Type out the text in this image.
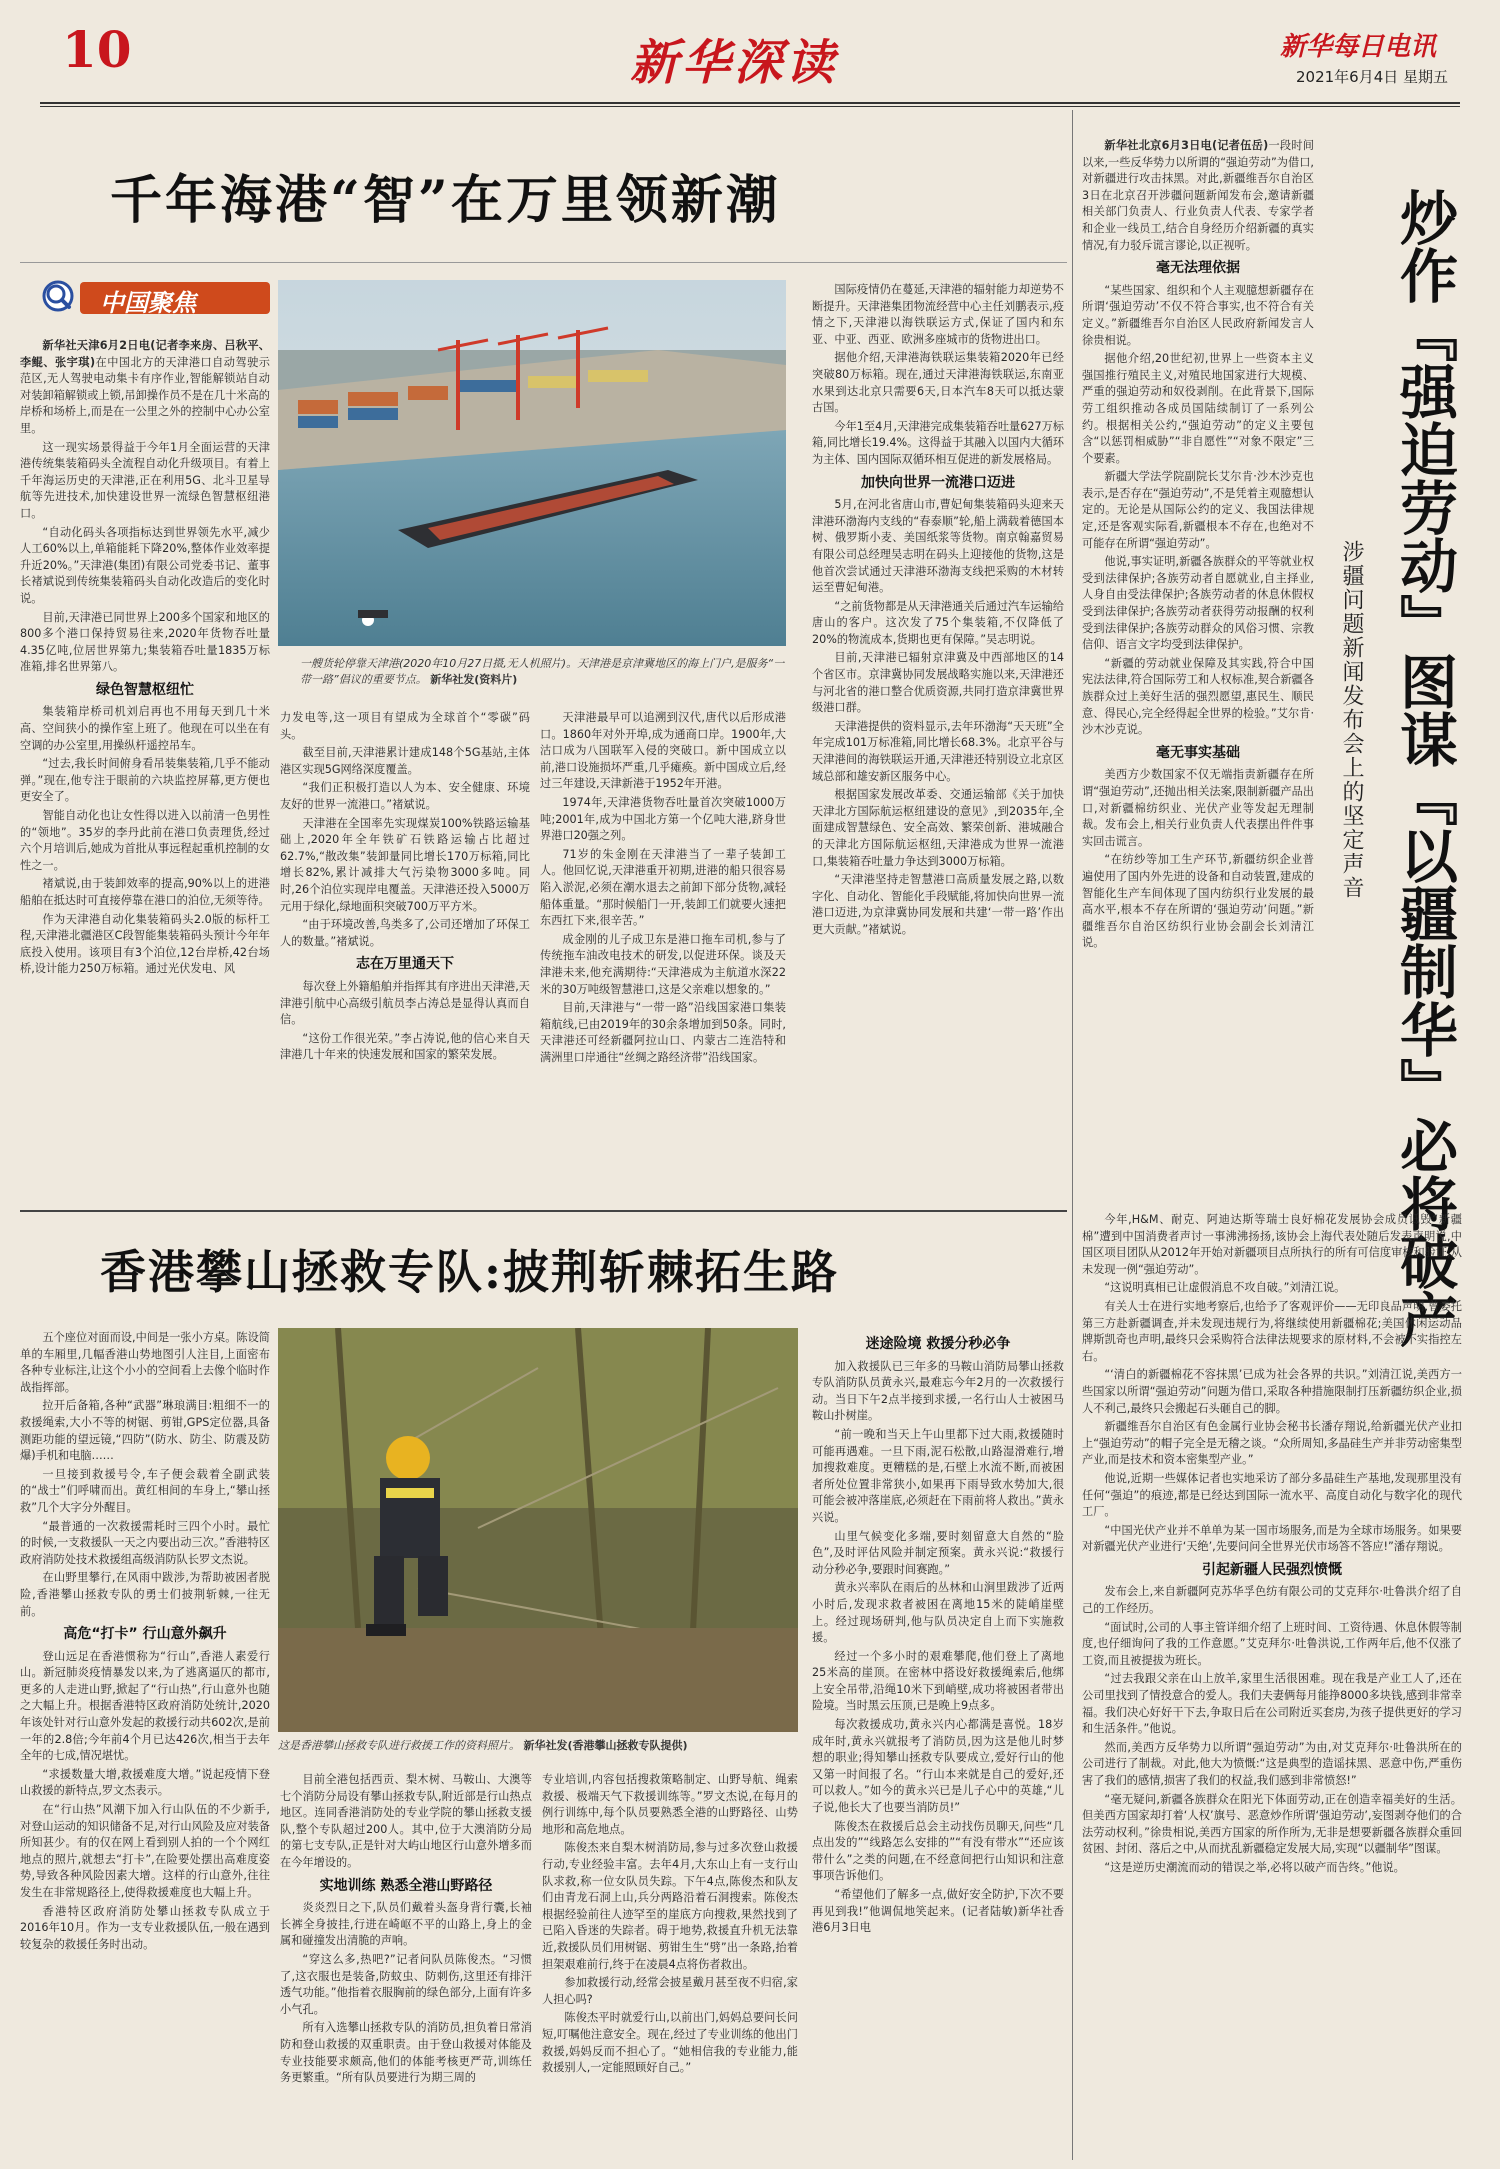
10	新华深读	新华每日电讯
2021年6月4日 星期五
千年海港“智”在万里领新潮
中国聚焦
一艘货轮停靠天津港(2020年10月27日摄,无人机照片)。天津港是京津冀地区的海上门户,是服务“一带一路”倡议的重要节点。 新华社发(资料片)

新华社天津6月2日电(记者李来房、吕秋平、李鲲、张宇琪)在中国北方的天津港口自动驾驶示范区,无人驾驶电动集卡有序作业,智能解锁站自动对装卸箱解锁或上锁,吊卸操作员不是在几十米高的岸桥和场桥上,而是在一公里之外的控制中心办公室里。

这一现实场景得益于今年1月全面运营的天津港传统集装箱码头全流程自动化升级项目。有着上千年海运历史的天津港,正在利用5G、北斗卫星导航等先进技术,加快建设世界一流绿色智慧枢纽港口。

“自动化码头各项指标达到世界领先水平,减少人工60%以上,单箱能耗下降20%,整体作业效率提升近20%。”天津港(集团)有限公司党委书记、董事长褚斌说到传统集装箱码头自动化改造后的变化时说。

目前,天津港已同世界上200多个国家和地区的800多个港口保持贸易往来,2020年货物吞吐量4.35亿吨,位居世界第九;集装箱吞吐量1835万标准箱,排名世界第八。

绿色智慧枢纽忙

集装箱岸桥司机刘启再也不用每天到几十米高、空间狭小的操作室上班了。他现在可以坐在有空调的办公室里,用操纵杆遥控吊车。

“过去,我长时间俯身看吊装集装箱,几乎不能动弹。”现在,他专注于眼前的六块监控屏幕,更方便也更安全了。

智能自动化也让女性得以进入以前清一色男性的“领地”。35岁的李丹此前在港口负责理货,经过六个月培训后,她成为首批从事远程起重机控制的女性之一。

褚斌说,由于装卸效率的提高,90%以上的进港船舶在抵达时可直接停靠在港口的泊位,无须等待。

作为天津港自动化集装箱码头2.0版的标杆工程,天津港北疆港区C段智能集装箱码头预计今年年底投入使用。该项目有3个泊位,12台岸桥,42台场桥,设计能力250万标箱。通过光伏发电、风

力发电等,这一项目有望成为全球首个“零碳”码头。

截至目前,天津港累计建成148个5G基站,主体港区实现5G网络深度覆盖。

“我们正积极打造以人为本、安全健康、环境友好的世界一流港口。”褚斌说。

天津港在全国率先实现煤炭100%铁路运输基础上,2020年全年铁矿石铁路运输占比超过62.7%,“散改集”装卸量同比增长170万标箱,同比增长82%,累计减排大气污染物3000多吨。同时,26个泊位实现岸电覆盖。天津港还投入5000万元用于绿化,绿地面积突破700万平方米。

“由于环境改善,鸟类多了,公司还增加了环保工人的数量。”褚斌说。

志在万里通天下

每次登上外籍船舶并指挥其有序进出天津港,天津港引航中心高级引航员李占涛总是显得认真而自信。

“这份工作很光荣。”李占涛说,他的信心来自天津港几十年来的快速发展和国家的繁荣发展。

天津港最早可以追溯到汉代,唐代以后形成港口。1860年对外开埠,成为通商口岸。1900年,大沽口成为八国联军入侵的突破口。新中国成立以前,港口设施损坏严重,几乎瘫痪。新中国成立后,经过三年建设,天津新港于1952年开港。

1974年,天津港货物吞吐量首次突破1000万吨;2001年,成为中国北方第一个亿吨大港,跻身世界港口20强之列。

71岁的朱金刚在天津港当了一辈子装卸工人。他回忆说,天津港重开初期,进港的船只很容易陷入淤泥,必须在潮水退去之前卸下部分货物,减轻船体重量。“那时候船门一开,装卸工们就要火速把东西扛下来,很辛苦。”

成金刚的儿子成卫东是港口拖车司机,参与了传统拖车油改电技术的研发,以促进环保。谈及天津港未来,他充满期待:“天津港成为主航道水深22米的30万吨级智慧港口,这是父亲难以想象的。”

目前,天津港与“一带一路”沿线国家港口集装箱航线,已由2019年的30余条增加到50条。同时,天津港还可经新疆阿拉山口、内蒙古二连浩特和满洲里口岸通往“丝绸之路经济带”沿线国家。

国际疫情仍在蔓延,天津港的辐射能力却逆势不断提升。天津港集团物流经营中心主任刘鹏表示,疫情之下,天津港以海铁联运方式,保证了国内和东亚、中亚、西亚、欧洲多座城市的货物进出口。

据他介绍,天津港海铁联运集装箱2020年已经突破80万标箱。现在,通过天津港海铁联运,东南亚水果到达北京只需要6天,日本汽车8天可以抵达蒙古国。

今年1至4月,天津港完成集装箱吞吐量627万标箱,同比增长19.4%。这得益于其融入以国内大循环为主体、国内国际双循环相互促进的新发展格局。

加快向世界一流港口迈进

5月,在河北省唐山市,曹妃甸集装箱码头迎来天津港环渤海内支线的“春泰顺”轮,船上满载着德国本树、俄罗斯小麦、美国纸浆等货物。南京翰嘉贸易有限公司总经理吴志明在码头上迎接他的货物,这是他首次尝试通过天津港环渤海支线把采购的木材转运至曹妃甸港。

“之前货物都是从天津港通关后通过汽车运输给唐山的客户。这次发了75个集装箱,不仅降低了20%的物流成本,货期也更有保障。”吴志明说。

目前,天津港已辐射京津冀及中西部地区的14个省区市。京津冀协同发展战略实施以来,天津港还与河北省的港口整合优质资源,共同打造京津冀世界级港口群。

天津港提供的资料显示,去年环渤海“天天班”全年完成101万标准箱,同比增长68.3%。北京平谷与天津港间的海铁联运开通,天津港还特别设立北京区域总部和雄安新区服务中心。

根据国家发展改革委、交通运输部《关于加快天津北方国际航运枢纽建设的意见》,到2035年,全面建成智慧绿色、安全高效、繁荣创新、港城融合的天津北方国际航运枢纽,天津港成为世界一流港口,集装箱吞吐量力争达到3000万标箱。

“天津港坚持走智慧港口高质量发展之路,以数字化、自动化、智能化手段赋能,将加快向世界一流港口迈进,为京津冀协同发展和共建‘一带一路’作出更大贡献。”褚斌说。

香港攀山拯救专队:披荆斩棘拓生路
这是香港攀山拯救专队进行救援工作的资料照片。 新华社发(香港攀山拯救专队提供)

五个座位对面而设,中间是一张小方桌。陈设简单的车厢里,几幅香港山势地图引人注目,上面密布各种专业标注,让这个小小的空间看上去像个临时作战指挥部。

拉开后备箱,各种“武器”琳琅满目:粗细不一的救援绳索,大小不等的树锯、剪钳,GPS定位器,具备测距功能的望远镜,“四防”(防水、防尘、防震及防爆)手机和电脑……

一旦接到救援号令,车子便会载着全副武装的“战士”们呼啸而出。黄红相间的车身上,“攀山拯救”几个大字分外醒目。

“最普通的一次救援需耗时三四个小时。最忙的时候,一支救援队一天之内要出动三次。”香港特区政府消防处技术救援组高级消防队长罗文杰说。

在山野里攀行,在风雨中跋涉,为帮助被困者脱险,香港攀山拯救专队的勇士们披荆斩棘,一往无前。

高危“打卡” 行山意外飙升

登山远足在香港惯称为“行山”,香港人素爱行山。新冠肺炎疫情暴发以来,为了逃离逼仄的都市,更多的人走进山野,掀起了“行山热”,行山意外也随之大幅上升。根据香港特区政府消防处统计,2020年该处针对行山意外发起的救援行动共602次,是前一年的2.8倍;今年前4个月已达426次,相当于去年全年的七成,情况堪忧。

“求援数量大增,救援难度大增。”说起疫情下登山救援的新特点,罗文杰表示。

在“行山热”风潮下加入行山队伍的不少新手,对登山运动的知识储备不足,对行山风险及应对装备所知甚少。有的仅在网上看到别人拍的一个个网红地点的照片,就想去“打卡”,在险要处摆出高难度姿势,导致各种风险因素大增。这样的行山意外,往往发生在非常规路径上,使得救援难度也大幅上升。

香港特区政府消防处攀山拯救专队成立于2016年10月。作为一支专业救援队伍,一般在遇到较复杂的救援任务时出动。

目前全港包括西贡、梨木树、马鞍山、大澳等七个消防分局设有攀山拯救专队,附近部是行山热点地区。连同香港消防处的专业学院的攀山拯救支援队,整个专队超过200人。其中,位于大澳消防分局的第七支专队,正是针对大屿山地区行山意外增多而在今年增设的。

实地训练 熟悉全港山野路径

炎炎烈日之下,队员们戴着头盔身背行囊,长袖长裤全身披挂,行进在崎岖不平的山路上,身上的金属和碰撞发出清脆的声响。

“穿这么多,热吧?”记者问队员陈俊杰。“习惯了,这衣服也是装备,防蚊虫、防刺伤,这里还有排汗透气功能。”他指着衣服胸前的绿色部分,上面有许多小气孔。

所有入选攀山拯救专队的消防员,担负着日常消防和登山救援的双重职责。由于登山救援对体能及专业技能要求颇高,他们的体能考核更严苛,训练任务更繁重。“所有队员要进行为期三周的

专业培训,内容包括搜救策略制定、山野导航、绳索救援、极端天气下救援训练等。”罗文杰说,在每月的例行训练中,每个队员要熟悉全港的山野路径、山势地形和高危地点。

陈俊杰来自梨木树消防局,参与过多次登山救援行动,专业经验丰富。去年4月,大东山上有一支行山队求救,称一位女队员失踪。下午4点,陈俊杰和队友们由青龙石洞上山,兵分两路沿着石洞搜索。陈俊杰根据经验前往人迹罕至的崖底方向搜救,果然找到了已陷入昏迷的失踪者。碍于地势,救援直升机无法靠近,救援队员们用树锯、剪钳生生“劈”出一条路,抬着担架艰难前行,终于在凌晨4点将伤者救出。

参加救援行动,经常会披星戴月甚至夜不归宿,家人担心吗?

陈俊杰平时就爱行山,以前出门,妈妈总要问长问短,叮嘱他注意安全。现在,经过了专业训练的他出门救援,妈妈反而不担心了。“她相信我的专业能力,能救援别人,一定能照顾好自己。”

迷途险境 救援分秒必争

加入救援队已三年多的马鞍山消防局攀山拯救专队消防队员黄永兴,最难忘今年2月的一次救援行动。当日下午2点半接到求援,一名行山人士被困马鞍山扑树崖。

“前一晚和当天上午山里都下过大雨,救援随时可能再遇难。一旦下雨,泥石松散,山路湿滑难行,增加搜救难度。更糟糕的是,石壁上水流不断,而被困者所处位置非常狭小,如果再下雨导致水势加大,很可能会被冲落崖底,必须赶在下雨前将人救出。”黄永兴说。

山里气候变化多端,要时刻留意大自然的“脸色”,及时评估风险并制定预案。黄永兴说:“救援行动分秒必争,要跟时间赛跑。”

黄永兴率队在雨后的丛林和山涧里跋涉了近两小时后,发现求救者被困在离地15米的陡峭崖壁上。经过现场研判,他与队员决定自上而下实施救援。

经过一个多小时的艰难攀爬,他们登上了离地25米高的崖顶。在密林中搭设好救援绳索后,他绑上安全吊带,沿绳10米下到峭壁,成功将被困者带出险境。当时黑云压顶,已是晚上9点多。

每次救援成功,黄永兴内心都满是喜悦。18岁成年时,黄永兴就报考了消防员,因为这是他儿时梦想的职业;得知攀山拯救专队要成立,爱好行山的他又第一时间报了名。“行山本来就是自己的爱好,还可以救人。”如今的黄永兴已是儿子心中的英雄,“儿子说,他长大了也要当消防员!”

陈俊杰在救援后总会主动找伤员聊天,问些“几点出发的”“线路怎么安排的”“有没有带水”“还应该带什么”之类的问题,在不经意间把行山知识和注意事项告诉他们。

“希望他们了解多一点,做好安全防护,下次不要再见到我!”他调侃地笑起来。(记者陆敏)新华社香港6月3日电

新华社北京6月3日电(记者伍岳)一段时间以来,一些反华势力以所谓的“强迫劳动”为借口,对新疆进行攻击抹黑。对此,新疆维吾尔自治区3日在北京召开涉疆问题新闻发布会,邀请新疆相关部门负责人、行业负责人代表、专家学者和企业一线员工,结合自身经历介绍新疆的真实情况,有力驳斥谎言谬论,以正视听。

毫无法理依据

“某些国家、组织和个人主观臆想新疆存在所谓‘强迫劳动’不仅不符合事实,也不符合有关定义。”新疆维吾尔自治区人民政府新闻发言人徐贵相说。

据他介绍,20世纪初,世界上一些资本主义强国推行殖民主义,对殖民地国家进行大规模、严重的强迫劳动和奴役剥削。在此背景下,国际劳工组织推动各成员国陆续制订了一系列公约。根据相关公约,“强迫劳动”的定义主要包含“以惩罚相威胁”“非自愿性”“对象不限定”三个要素。

新疆大学法学院副院长艾尔肯·沙木沙克也表示,是否存在“强迫劳动”,不是凭着主观臆想认定的。无论是从国际公约的定义、我国法律规定,还是客观实际看,新疆根本不存在,也绝对不可能存在所谓“强迫劳动”。

他说,事实证明,新疆各族群众的平等就业权受到法律保护;各族劳动者自愿就业,自主择业,人身自由受法律保护;各族劳动者的休息休假权受到法律保护;各族劳动者获得劳动报酬的权利受到法律保护;各族劳动群众的风俗习惯、宗教信仰、语言文字均受到法律保护。

“新疆的劳动就业保障及其实践,符合中国宪法法律,符合国际劳工和人权标准,契合新疆各族群众过上美好生活的强烈愿望,惠民生、顺民意、得民心,完全经得起全世界的检验。”艾尔肯·沙木沙克说。

毫无事实基础

美西方少数国家不仅无端指责新疆存在所谓“强迫劳动”,还抛出相关法案,限制新疆产品出口,对新疆棉纺织业、光伏产业等发起无理制裁。发布会上,相关行业负责人代表摆出件件事实回击谎言。

“在纺纱等加工生产环节,新疆纺织企业普遍使用了国内外先进的设备和自动装置,建成的智能化生产车间体现了国内纺织行业发展的最高水平,根本不存在所谓的‘强迫劳动’问题。”新疆维吾尔自治区纺织行业协会副会长刘清江说。	炒作『强迫劳动』图谋『以疆制华』必将破产
涉疆问题新闻发布会上的坚定声音

今年,H&M、耐克、阿迪达斯等瑞士良好棉花发展协会成员诋毁“新疆棉”遭到中国消费者声讨一事沸沸扬扬,该协会上海代表处随后发表声明说,中国区项目团队从2012年开始对新疆项目点所执行的所有可信度审核和验证,从未发现一例“强迫劳动”。

“这说明真相已让虚假消息不攻自破。”刘清江说。

有关人士在进行实地考察后,也给予了客观评价——无印良品声明,曾委托第三方赴新疆调查,并未发现违规行为,将继续使用新疆棉花;美国休闲运动品牌斯凯奇也声明,最终只会采购符合法律法规要求的原材料,不会被不实指控左右。

“‘清白的新疆棉花不容抹黑’已成为社会各界的共识。”刘清江说,美西方一些国家以所谓“强迫劳动”问题为借口,采取各种措施限制打压新疆纺织企业,损人不利己,最终只会搬起石头砸自己的脚。

新疆维吾尔自治区有色金属行业协会秘书长潘存翔说,给新疆光伏产业扣上“强迫劳动”的帽子完全是无稽之谈。“众所周知,多晶硅生产并非劳动密集型产业,而是技术和资本密集型产业。”

他说,近期一些媒体记者也实地采访了部分多晶硅生产基地,发现那里没有任何“强迫”的痕迹,都是已经达到国际一流水平、高度自动化与数字化的现代工厂。

“中国光伏产业并不单单为某一国市场服务,而是为全球市场服务。如果要对新疆光伏产业进行‘天绝’,先要问问全世界光伏市场答不答应!”潘存翔说。

引起新疆人民强烈愤慨

发布会上,来自新疆阿克苏华孚色纺有限公司的艾克拜尔·吐鲁洪介绍了自己的工作经历。

“面试时,公司的人事主管详细介绍了上班时间、工资待遇、休息休假等制度,也仔细询问了我的工作意愿。”艾克拜尔·吐鲁洪说,工作两年后,他不仅涨了工资,而且被提拔为班长。

“过去我跟父亲在山上放羊,家里生活很困难。现在我是产业工人了,还在公司里找到了情投意合的爱人。我们夫妻俩每月能挣8000多块钱,感到非常幸福。我们决心好好干下去,争取日后在公司附近买套房,为孩子提供更好的学习和生活条件。”他说。

然而,美西方反华势力以所谓“强迫劳动”为由,对艾克拜尔·吐鲁洪所在的公司进行了制裁。对此,他大为愤慨:“这是典型的造谣抹黑、恶意中伤,严重伤害了我们的感情,损害了我们的权益,我们感到非常愤怒!”

“毫无疑问,新疆各族群众在阳光下体面劳动,正在创造幸福美好的生活。但美西方国家却打着‘人权’旗号、恶意炒作所谓‘强迫劳动’,妄图剥夺他们的合法劳动权利。”徐贵相说,美西方国家的所作所为,无非是想要新疆各族群众重回贫困、封闭、落后之中,从而扰乱新疆稳定发展大局,实现“以疆制华”图谋。

“这是逆历史潮流而动的错误之举,必将以破产而告终。”他说。
